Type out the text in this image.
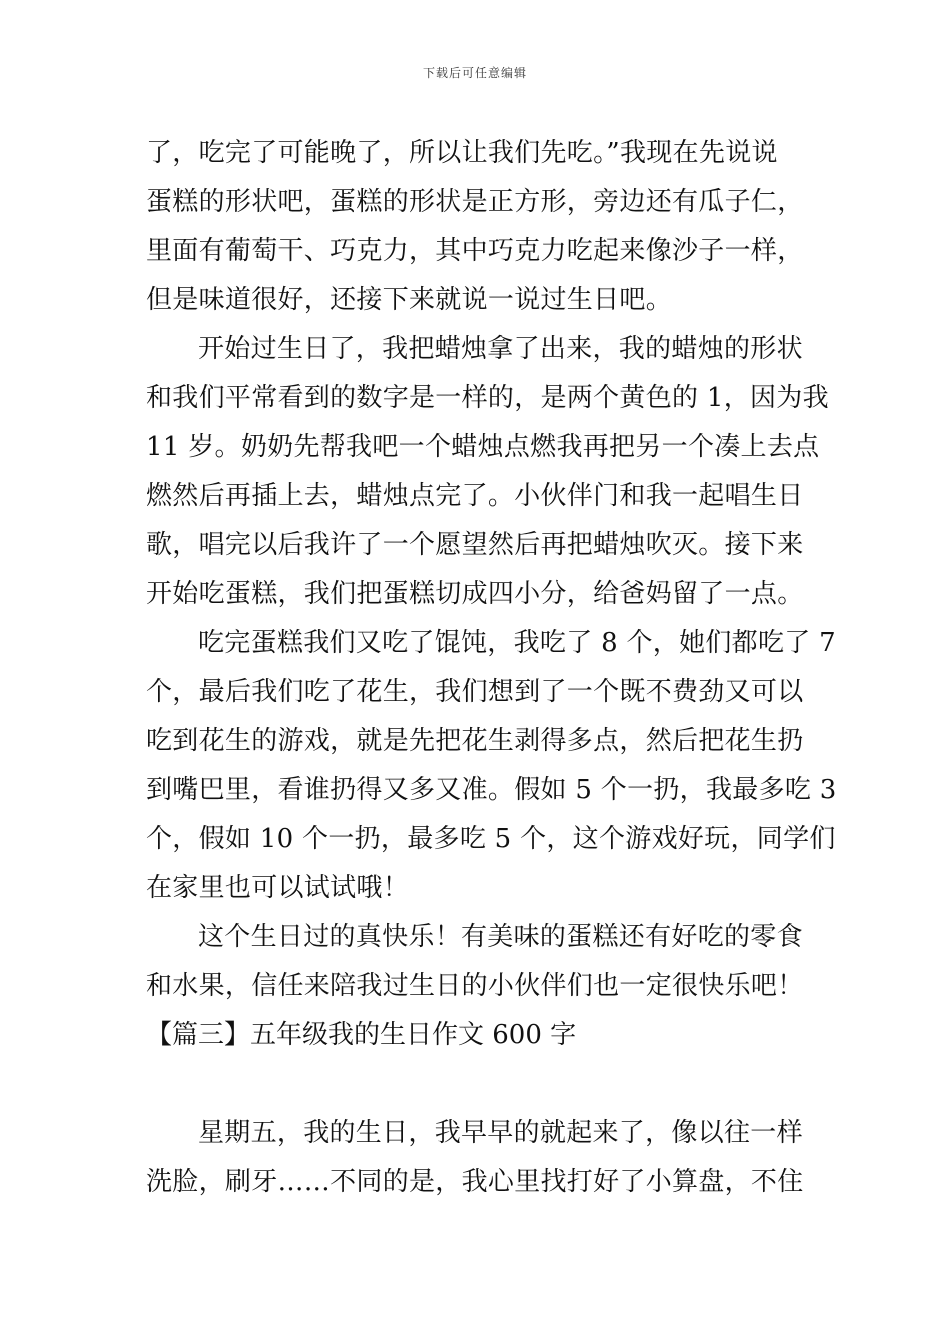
下载后可任意编辑

了，吃完了可能晚了，所以让我们先吃。”我现在先说说
蛋糕的形状吧，蛋糕的形状是正方形，旁边还有瓜子仁，
里面有葡萄干、巧克力，其中巧克力吃起来像沙子一样，
但是味道很好，还接下来就说一说过生日吧。

开始过生日了，我把蜡烛拿了出来，我的蜡烛的形状
和我们平常看到的数字是一样的，是两个黄色的 1，因为我
11 岁。奶奶先帮我吧一个蜡烛点燃我再把另一个凑上去点
燃然后再插上去，蜡烛点完了。小伙伴门和我一起唱生日
歌，唱完以后我许了一个愿望然后再把蜡烛吹灭。接下来
开始吃蛋糕，我们把蛋糕切成四小分，给爸妈留了一点。

吃完蛋糕我们又吃了馄饨，我吃了 8 个，她们都吃了 7
个，最后我们吃了花生，我们想到了一个既不费劲又可以
吃到花生的游戏，就是先把花生剥得多点，然后把花生扔
到嘴巴里，看谁扔得又多又准。假如 5 个一扔，我最多吃 3
个，假如 10 个一扔，最多吃 5 个，这个游戏好玩，同学们
在家里也可以试试哦！

这个生日过的真快乐！有美味的蛋糕还有好吃的零食
和水果，信任来陪我过生日的小伙伴们也一定很快乐吧！

【篇三】五年级我的生日作文 600 字

星期五，我的生日，我早早的就起来了，像以往一样
洗脸，刷牙……不同的是，我心里找打好了小算盘，不住
